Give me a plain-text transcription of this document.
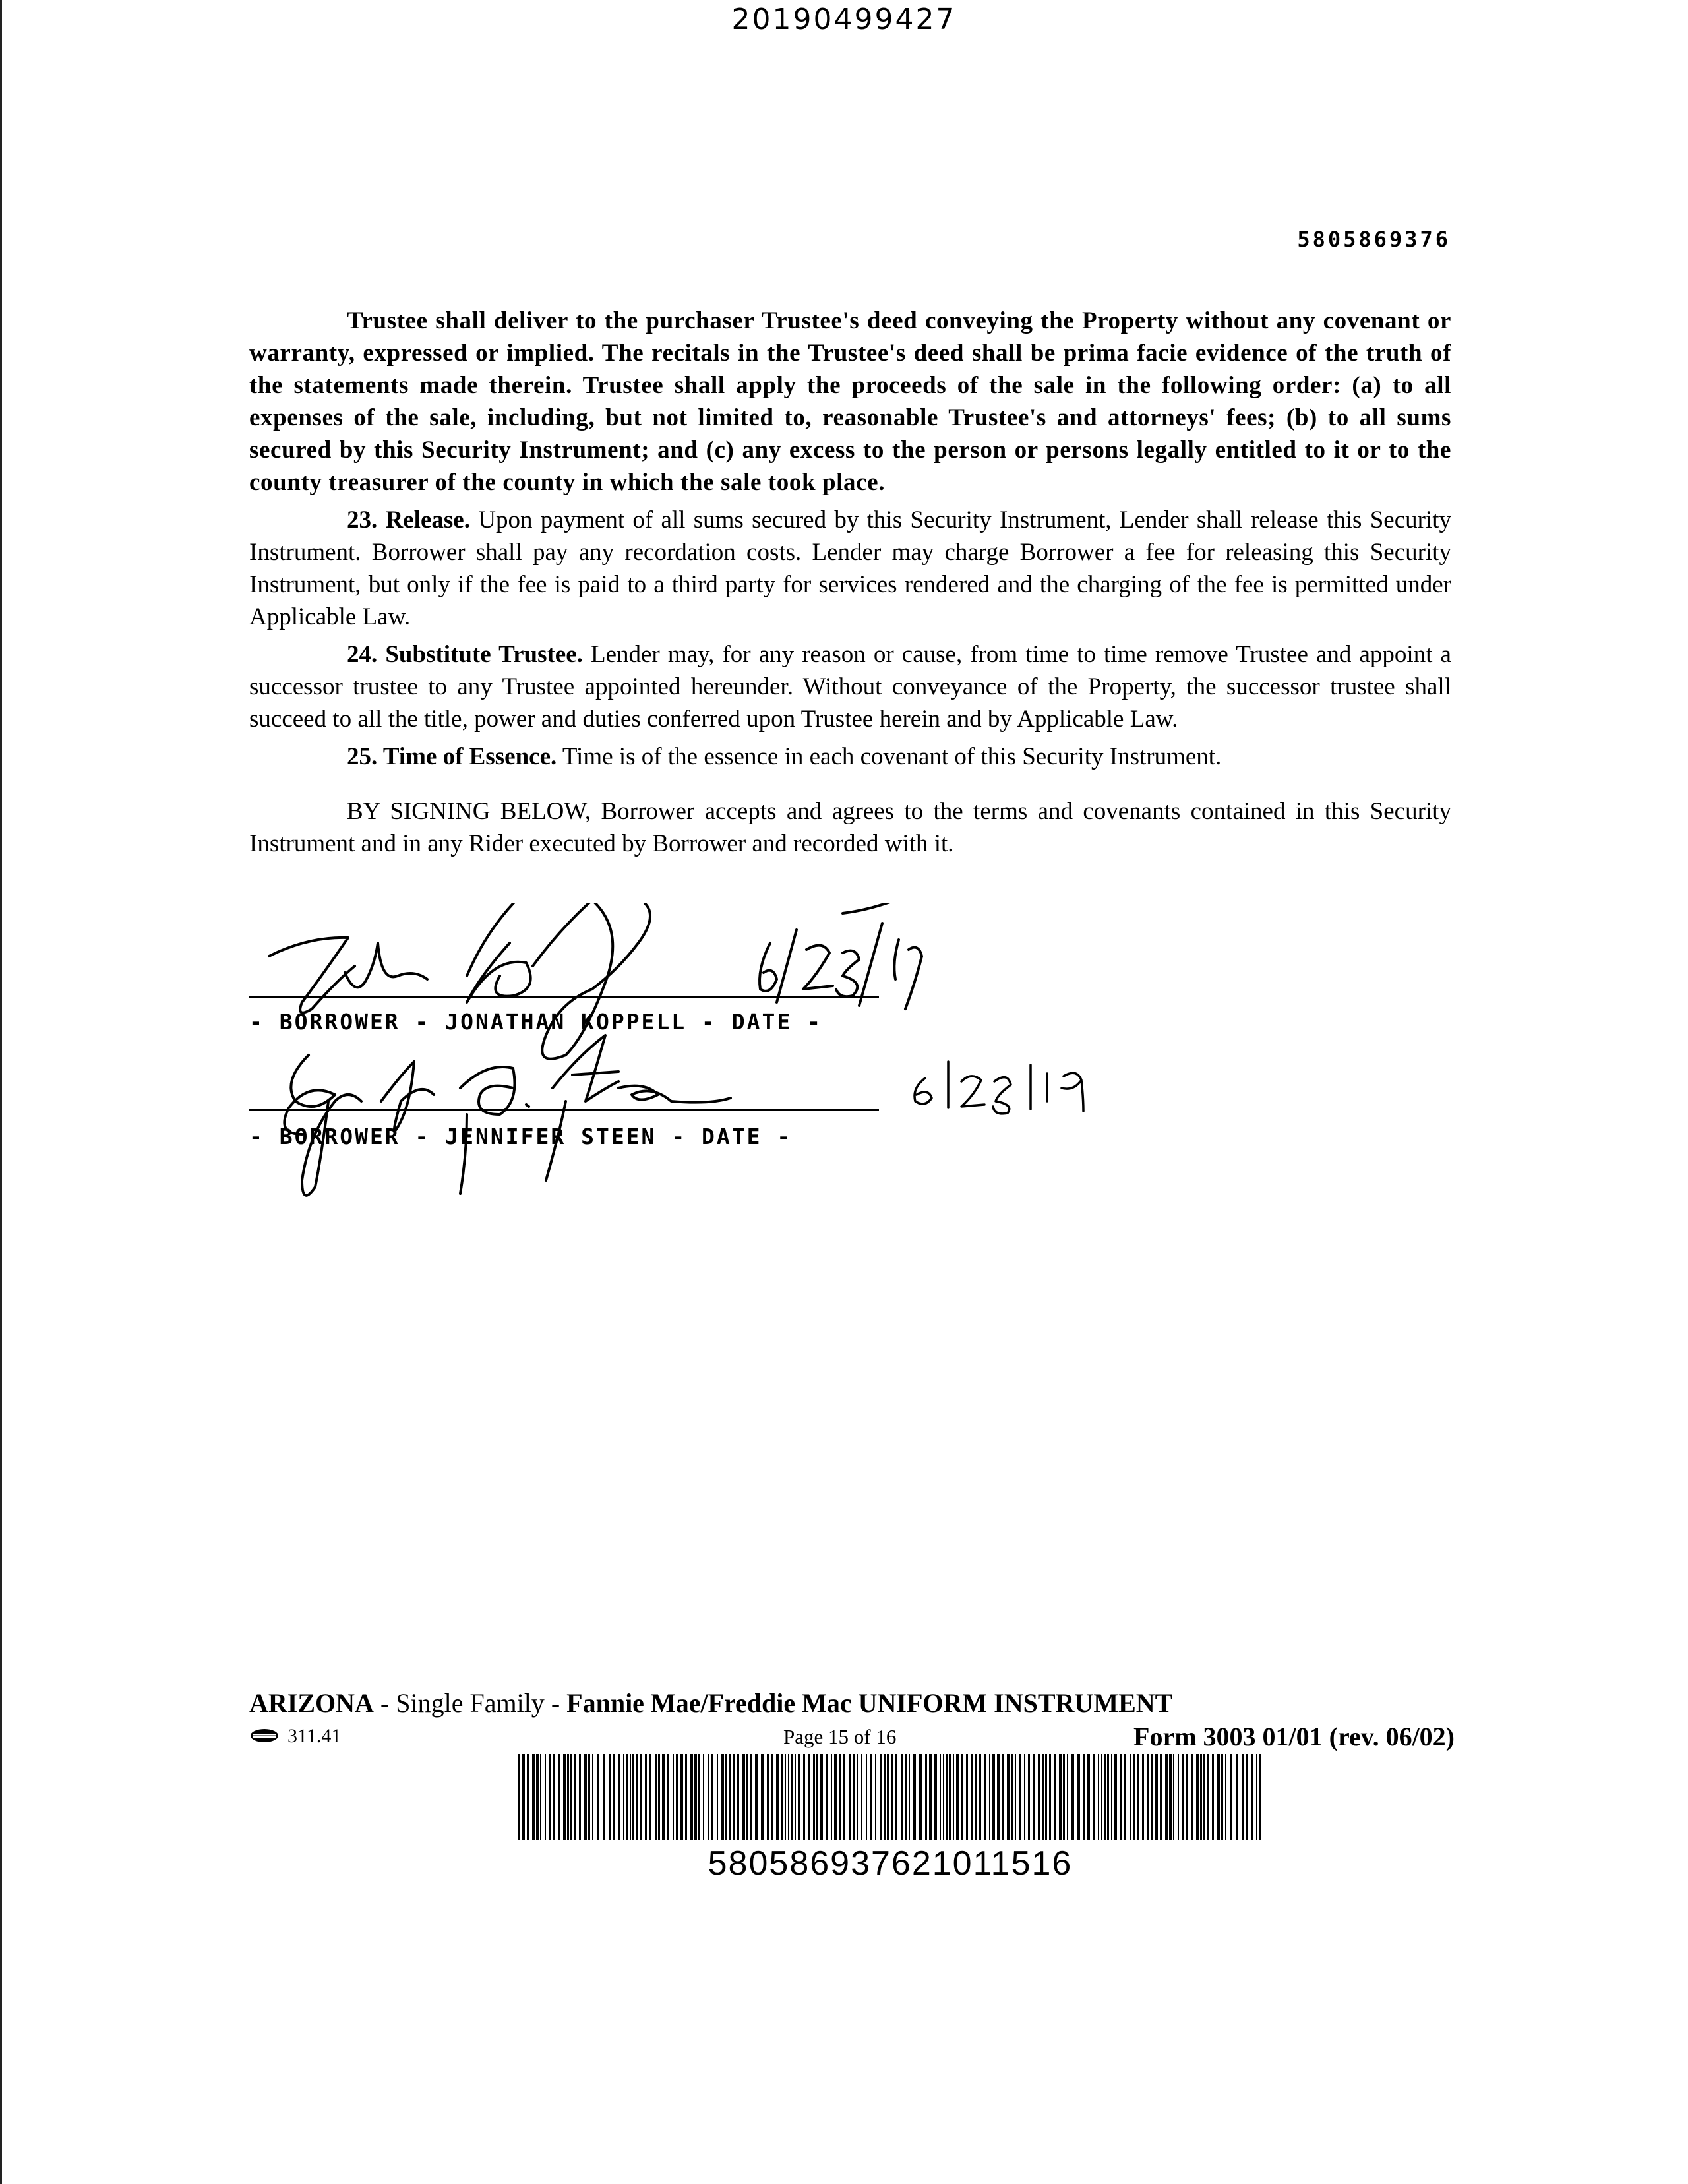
20190499427
5805869376

Trustee shall deliver to the purchaser Trustee's deed conveying the Property without any covenant or warranty, expressed or implied. The recitals in the Trustee's deed shall be prima facie evidence of the truth of the statements made therein. Trustee shall apply the proceeds of the sale in the following order: (a) to all expenses of the sale, including, but not limited to, reasonable Trustee's and attorneys' fees; (b) to all sums secured by this Security Instrument; and (c) any excess to the person or persons legally entitled to it or to the county treasurer of the county in which the sale took place.

23. Release. Upon payment of all sums secured by this Security Instrument, Lender shall release this Security Instrument. Borrower shall pay any recordation costs. Lender may charge Borrower a fee for releasing this Security Instrument, but only if the fee is paid to a third party for services rendered and the charging of the fee is permitted under Applicable Law.

24. Substitute Trustee. Lender may, for any reason or cause, from time to time remove Trustee and appoint a successor trustee to any Trustee appointed hereunder. Without conveyance of the Property, the successor trustee shall succeed to all the title, power and duties conferred upon Trustee herein and by Applicable Law.

25. Time of Essence. Time is of the essence in each covenant of this Security Instrument.

BY SIGNING BELOW, Borrower accepts and agrees to the terms and covenants contained in this Security Instrument and in any Rider executed by Borrower and recorded with it.

- BORROWER - JONATHAN KOPPELL - DATE -
- BORROWER - JENNIFER STEEN - DATE -
ARIZONA - Single Family - Fannie Mae/Freddie Mac UNIFORM INSTRUMENT
311.41	Page 15 of 16	Form 3003 01/01 (rev. 06/02)
580586937621011516
